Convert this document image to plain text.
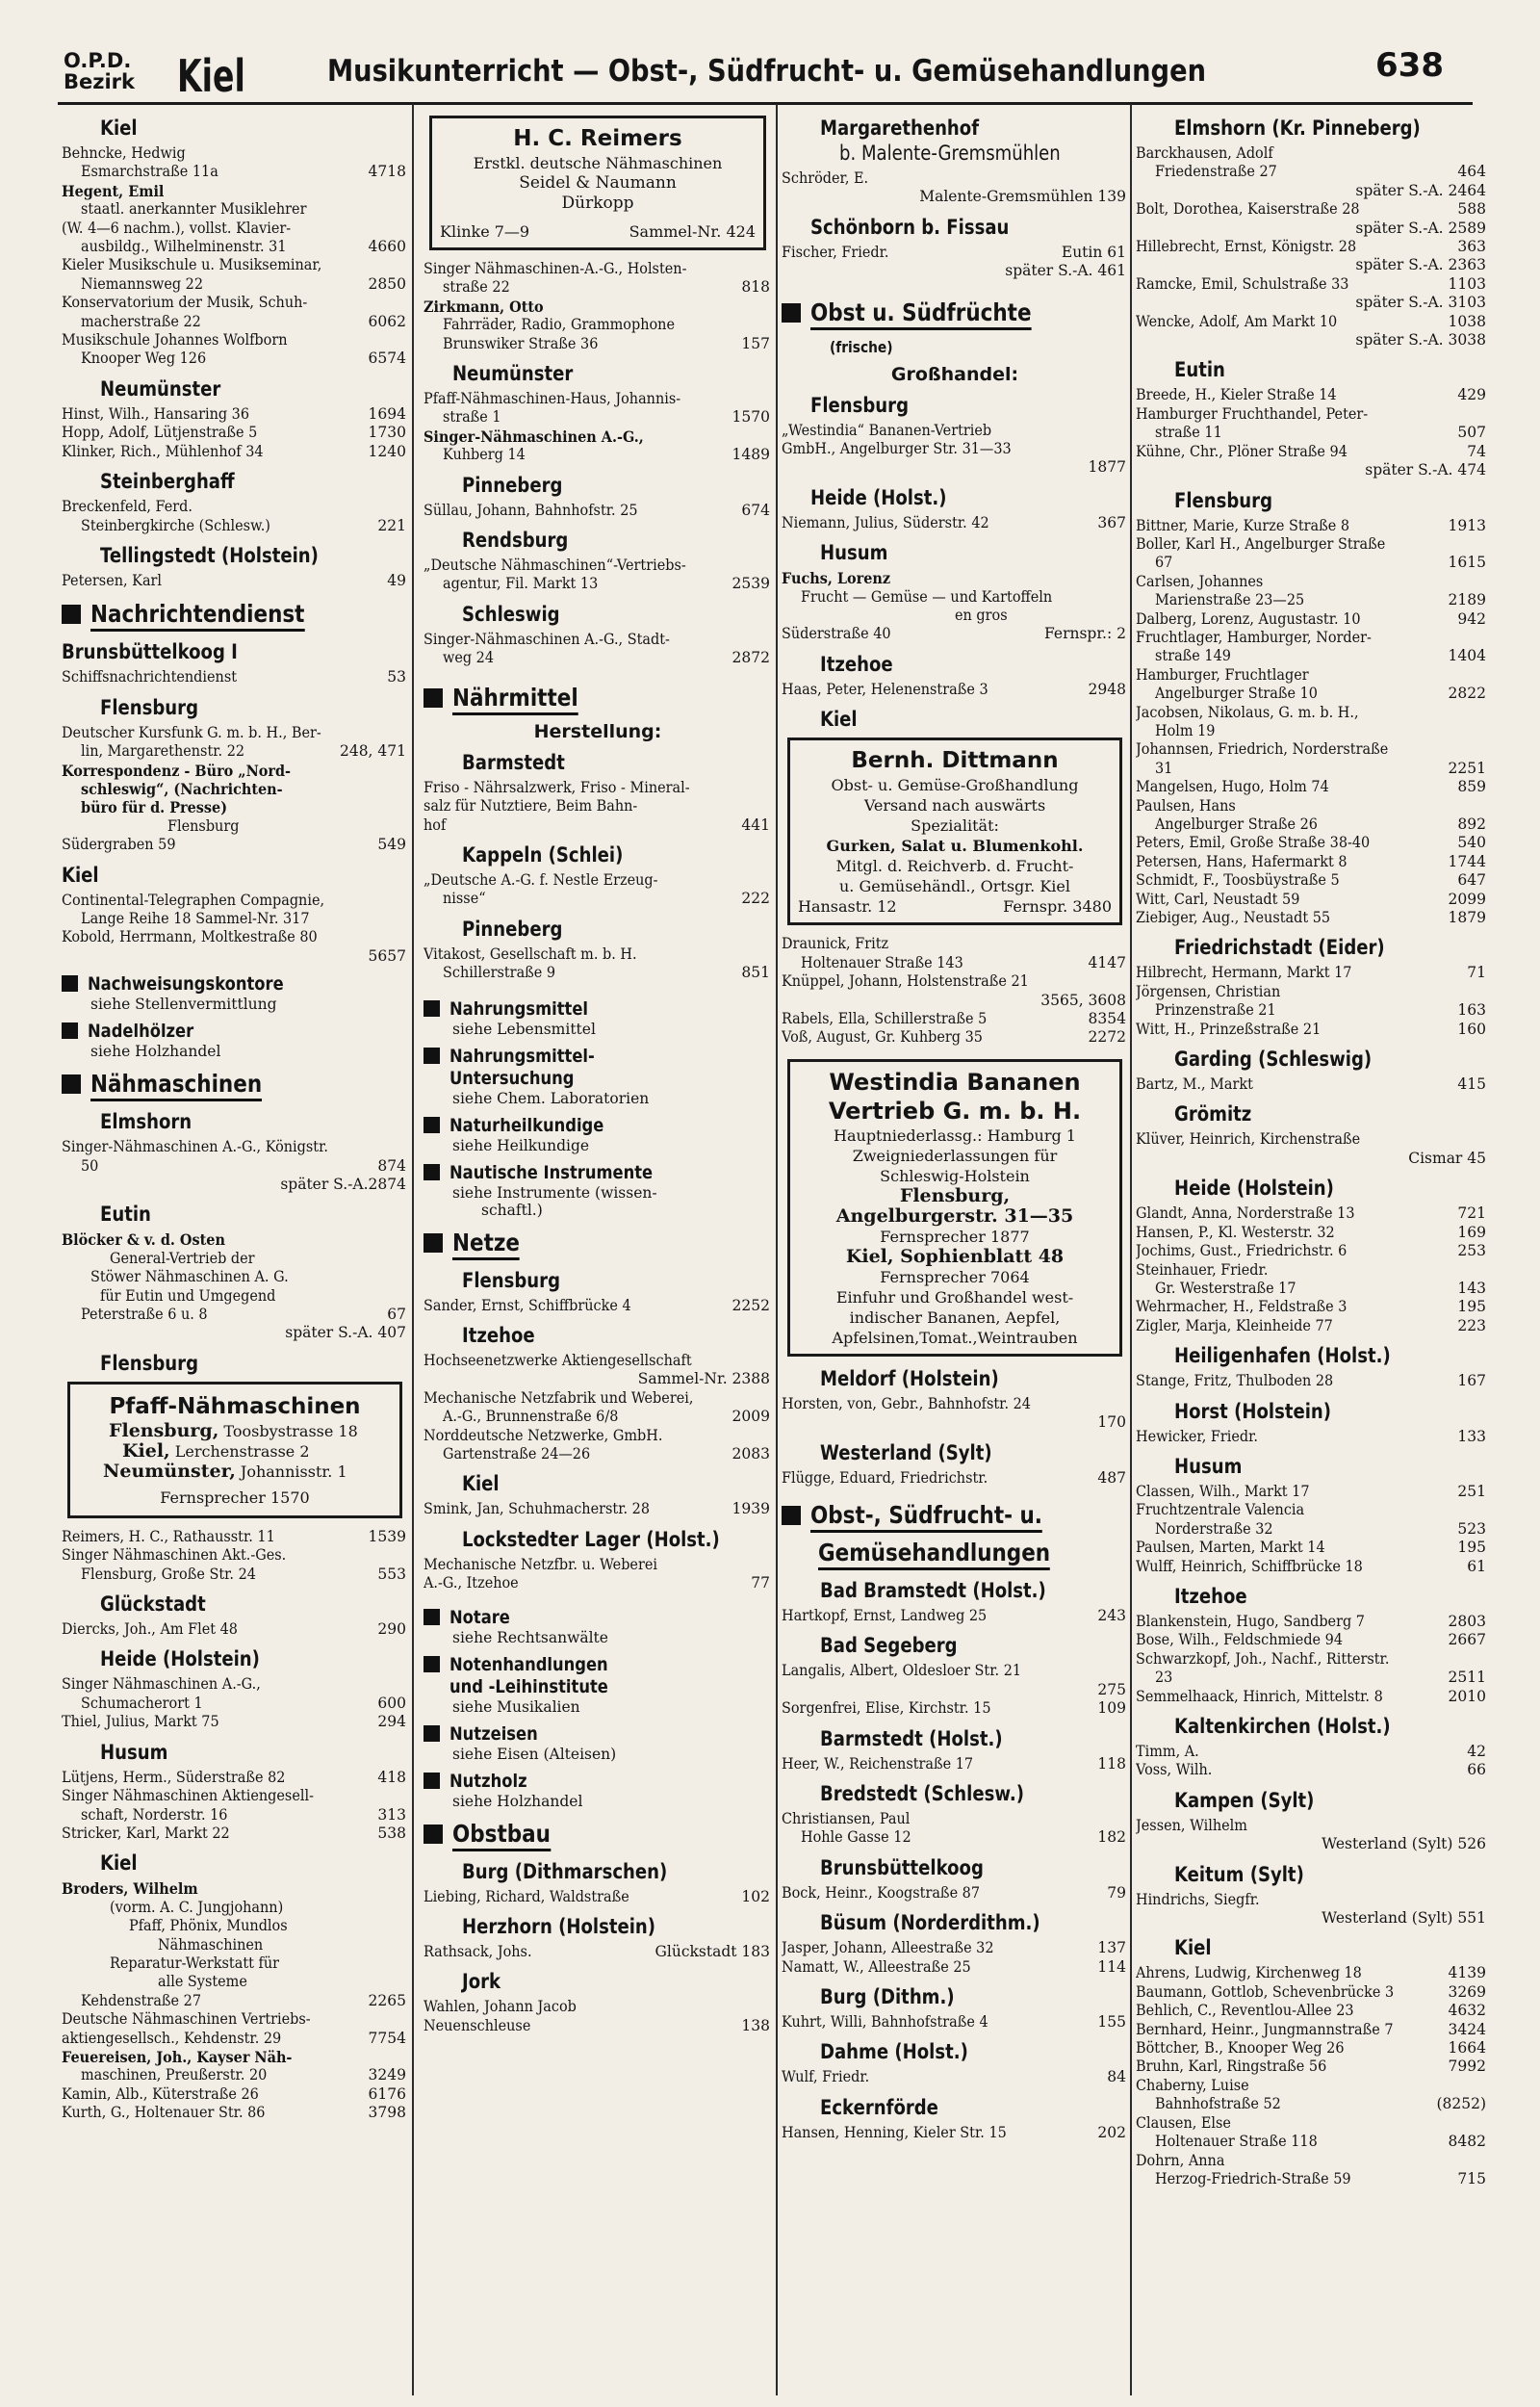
O.P.D.
Bezirk Kiel	Musikunterricht — Obst-, Südfrucht- u. Gemüsehandlungen	638
Kiel
Behncke, Hedwig
Esmarchstraße 11a	4718
Hegent, Emil
staatl. anerkannter Musiklehrer
(W. 4—6 nachm.), vollst. Klavier-
ausbildg., Wilhelminenstr. 31	4660
Kieler Musikschule u. Musikseminar,
Niemannsweg 22	2850
Konservatorium der Musik, Schuh-
macherstraße 22	6062
Musikschule Johannes Wolfborn
Knooper Weg 126	6574
Neumünster
Hinst, Wilh., Hansaring 36	1694
Hopp, Adolf, Lütjenstraße 5	1730
Klinker, Rich., Mühlenhof 34	1240
Steinberghaff
Breckenfeld, Ferd.
Steinbergkirche (Schlesw.)	221
Tellingstedt (Holstein)
Petersen, Karl	49
Nachrichtendienst
Brunsbüttelkoog I
Schiffsnachrichtendienst	53
Flensburg
Deutscher Kursfunk G. m. b. H., Ber-
lin, Margarethenstr. 22	248, 471
Korrespondenz - Büro „Nord-
schleswig“, (Nachrichten-
büro für d. Presse)
Flensburg
Südergraben 59	549
Kiel
Continental-Telegraphen Compagnie,
Lange Reihe 18 Sammel-Nr. 317
Kobold, Herrmann, Moltkestraße 80
5657
Nachweisungskontore
siehe Stellenvermittlung
Nadelhölzer
siehe Holzhandel
Nähmaschinen
Elmshorn
Singer-Nähmaschinen A.-G., Königstr.
50	874
später S.-A.2874
Eutin
Blöcker & v. d. Osten
General-Vertrieb der
Stöwer Nähmaschinen A. G.
für Eutin und Umgegend
Peterstraße 6 u. 8	67
später S.-A. 407
Flensburg
Pfaff-Nähmaschinen
Flensburg, Toosbystrasse 18
Kiel, Lerchenstrasse 2
Neumünster, Johannisstr. 1
Fernsprecher 1570
Reimers, H. C., Rathausstr. 11	1539
Singer Nähmaschinen Akt.-Ges.
Flensburg, Große Str. 24	553
Glückstadt
Diercks, Joh., Am Flet 48	290
Heide (Holstein)
Singer Nähmaschinen A.-G.,
Schumacherort 1	600
Thiel, Julius, Markt 75	294
Husum
Lütjens, Herm., Süderstraße 82	418
Singer Nähmaschinen Aktiengesell-
schaft, Norderstr. 16	313
Stricker, Karl, Markt 22	538
Kiel
Broders, Wilhelm
(vorm. A. C. Jungjohann)
Pfaff, Phönix, Mundlos
Nähmaschinen
Reparatur-Werkstatt für
alle Systeme
Kehdenstraße 27	2265
Deutsche Nähmaschinen Vertriebs-
aktiengesellsch., Kehdenstr. 29	7754
Feuereisen, Joh., Kayser Näh-
maschinen, Preußerstr. 20	3249
Kamin, Alb., Küterstraße 26	6176
Kurth, G., Holtenauer Str. 86	3798
H. C. Reimers
Erstkl. deutsche Nähmaschinen
Seidel & Naumann
Dürkopp
Klinke 7—9	Sammel-Nr. 424
Singer Nähmaschinen-A.-G., Holsten-
straße 22	818
Zirkmann, Otto
Fahrräder, Radio, Grammophone
Brunswiker Straße 36	157
Neumünster
Pfaff-Nähmaschinen-Haus, Johannis-
straße 1	1570
Singer-Nähmaschinen A.-G.,
Kuhberg 14	1489
Pinneberg
Süllau, Johann, Bahnhofstr. 25	674
Rendsburg
„Deutsche Nähmaschinen“-Vertriebs-
agentur, Fil. Markt 13	2539
Schleswig
Singer-Nähmaschinen A.-G., Stadt-
weg 24	2872
Nährmittel
Herstellung:
Barmstedt
Friso - Nährsalzwerk, Friso - Mineral-
salz für Nutztiere, Beim Bahn-
hof	441
Kappeln (Schlei)
„Deutsche A.-G. f. Nestle Erzeug-
nisse“	222
Pinneberg
Vitakost, Gesellschaft m. b. H.
Schillerstraße 9	851
Nahrungsmittel
siehe Lebensmittel
Nahrungsmittel-
Untersuchung
siehe Chem. Laboratorien
Naturheilkundige
siehe Heilkundige
Nautische Instrumente
siehe Instrumente (wissen-
schaftl.)
Netze
Flensburg
Sander, Ernst, Schiffbrücke 4	2252
Itzehoe
Hochseenetzwerke Aktiengesellschaft
Sammel-Nr. 2388
Mechanische Netzfabrik und Weberei,
A.-G., Brunnenstraße 6/8	2009
Norddeutsche Netzwerke, GmbH.
Gartenstraße 24—26	2083
Kiel
Smink, Jan, Schuhmacherstr. 28	1939
Lockstedter Lager (Holst.)
Mechanische Netzfbr. u. Weberei
A.-G., Itzehoe	77
Notare
siehe Rechtsanwälte
Notenhandlungen
und -Leihinstitute
siehe Musikalien
Nutzeisen
siehe Eisen (Alteisen)
Nutzholz
siehe Holzhandel
Obstbau
Burg (Dithmarschen)
Liebing, Richard, Waldstraße	102
Herzhorn (Holstein)
Rathsack, Johs.	Glückstadt 183
Jork
Wahlen, Johann Jacob
Neuenschleuse	138
Margarethenhof
b. Malente-Gremsmühlen
Schröder, E.
Malente-Gremsmühlen 139
Schönborn b. Fissau
Fischer, Friedr.	Eutin 61
später S.-A. 461
Obst u. Südfrüchte
(frische)
Großhandel:
Flensburg
„Westindia“ Bananen-Vertrieb
GmbH., Angelburger Str. 31—33
1877
Heide (Holst.)
Niemann, Julius, Süderstr. 42	367
Husum
Fuchs, Lorenz
Frucht — Gemüse — und Kartoffeln
en gros
Süderstraße 40	Fernspr.: 2
Itzehoe
Haas, Peter, Helenenstraße 3	2948
Kiel
Bernh. Dittmann
Obst- u. Gemüse-Großhandlung
Versand nach auswärts
Spezialität:
Gurken, Salat u. Blumenkohl.
Mitgl. d. Reichverb. d. Frucht-
u. Gemüsehändl., Ortsgr. Kiel
Hansastr. 12	Fernspr. 3480
Draunick, Fritz
Holtenauer Straße 143	4147
Knüppel, Johann, Holstenstraße 21
3565, 3608
Rabels, Ella, Schillerstraße 5	8354
Voß, August, Gr. Kuhberg 35	2272
Westindia Bananen
Vertrieb G. m. b. H.
Hauptniederlassg.: Hamburg 1
Zweigniederlassungen für
Schleswig-Holstein
Flensburg,
Angelburgerstr. 31—35
Fernsprecher 1877
Kiel, Sophienblatt 48
Fernsprecher 7064
Einfuhr und Großhandel west-
indischer Bananen, Aepfel,
Apfelsinen,Tomat.,Weintrauben
Meldorf (Holstein)
Horsten, von, Gebr., Bahnhofstr. 24
170
Westerland (Sylt)
Flügge, Eduard, Friedrichstr.	487
Obst-, Südfrucht- u.
Gemüsehandlungen
Bad Bramstedt (Holst.)
Hartkopf, Ernst, Landweg 25	243
Bad Segeberg
Langalis, Albert, Oldesloer Str. 21
275
Sorgenfrei, Elise, Kirchstr. 15	109
Barmstedt (Holst.)
Heer, W., Reichenstraße 17	118
Bredstedt (Schlesw.)
Christiansen, Paul
Hohle Gasse 12	182
Brunsbüttelkoog
Bock, Heinr., Koogstraße 87	79
Büsum (Norderdithm.)
Jasper, Johann, Alleestraße 32	137
Namatt, W., Alleestraße 25	114
Burg (Dithm.)
Kuhrt, Willi, Bahnhofstraße 4	155
Dahme (Holst.)
Wulf, Friedr.	84
Eckernförde
Hansen, Henning, Kieler Str. 15	202
Elmshorn (Kr. Pinneberg)
Barckhausen, Adolf
Friedenstraße 27	464
später S.-A. 2464
Bolt, Dorothea, Kaiserstraße 28	588
später S.-A. 2589
Hillebrecht, Ernst, Königstr. 28	363
später S.-A. 2363
Ramcke, Emil, Schulstraße 33	1103
später S.-A. 3103
Wencke, Adolf, Am Markt 10	1038
später S.-A. 3038
Eutin
Breede, H., Kieler Straße 14	429
Hamburger Fruchthandel, Peter-
straße 11	507
Kühne, Chr., Plöner Straße 94	74
später S.-A. 474
Flensburg
Bittner, Marie, Kurze Straße 8	1913
Boller, Karl H., Angelburger Straße
67	1615
Carlsen, Johannes
Marienstraße 23—25	2189
Dalberg, Lorenz, Augustastr. 10	942
Fruchtlager, Hamburger, Norder-
straße 149	1404
Hamburger, Fruchtlager
Angelburger Straße 10	2822
Jacobsen, Nikolaus, G. m. b. H.,
Holm 19
Johannsen, Friedrich, Norderstraße
31	2251
Mangelsen, Hugo, Holm 74	859
Paulsen, Hans
Angelburger Straße 26	892
Peters, Emil, Große Straße 38-40	540
Petersen, Hans, Hafermarkt 8	1744
Schmidt, F., Toosbüystraße 5	647
Witt, Carl, Neustadt 59	2099
Ziebiger, Aug., Neustadt 55	1879
Friedrichstadt (Eider)
Hilbrecht, Hermann, Markt 17	71
Jörgensen, Christian
Prinzenstraße 21	163
Witt, H., Prinzeßstraße 21	160
Garding (Schleswig)
Bartz, M., Markt	415
Grömitz
Klüver, Heinrich, Kirchenstraße
Cismar 45
Heide (Holstein)
Glandt, Anna, Norderstraße 13	721
Hansen, P., Kl. Westerstr. 32	169
Jochims, Gust., Friedrichstr. 6	253
Steinhauer, Friedr.
Gr. Westerstraße 17	143
Wehrmacher, H., Feldstraße 3	195
Zigler, Marja, Kleinheide 77	223
Heiligenhafen (Holst.)
Stange, Fritz, Thulboden 28	167
Horst (Holstein)
Hewicker, Friedr.	133
Husum
Classen, Wilh., Markt 17	251
Fruchtzentrale Valencia
Norderstraße 32	523
Paulsen, Marten, Markt 14	195
Wulff, Heinrich, Schiffbrücke 18	61
Itzehoe
Blankenstein, Hugo, Sandberg 7	2803
Bose, Wilh., Feldschmiede 94	2667
Schwarzkopf, Joh., Nachf., Ritterstr.
23	2511
Semmelhaack, Hinrich, Mittelstr. 8	2010
Kaltenkirchen (Holst.)
Timm, A.	42
Voss, Wilh.	66
Kampen (Sylt)
Jessen, Wilhelm
Westerland (Sylt) 526
Keitum (Sylt)
Hindrichs, Siegfr.
Westerland (Sylt) 551
Kiel
Ahrens, Ludwig, Kirchenweg 18	4139
Baumann, Gottlob, Schevenbrücke 3	3269
Behlich, C., Reventlou-Allee 23	4632
Bernhard, Heinr., Jungmannstraße 7	3424
Böttcher, B., Knooper Weg 26	1664
Bruhn, Karl, Ringstraße 56	7992
Chaberny, Luise
Bahnhofstraße 52	(8252)
Clausen, Else
Holtenauer Straße 118	8482
Dohrn, Anna
Herzog-Friedrich-Straße 59	715
